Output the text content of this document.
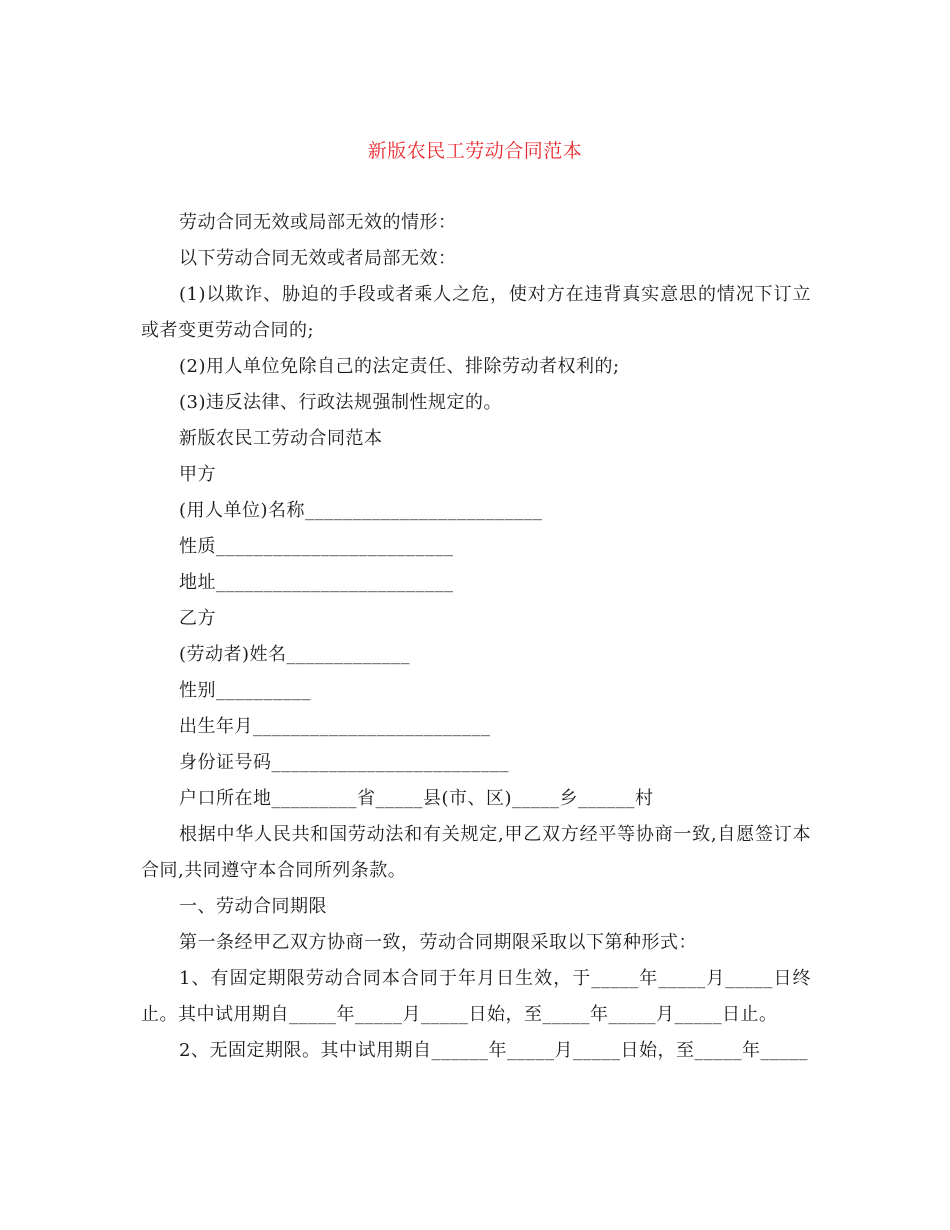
新版农民工劳动合同范本

劳动合同无效或局部无效的情形：

以下劳动合同无效或者局部无效：

(1)以欺诈、胁迫的手段或者乘人之危，使对方在违背真实意思的情况下订立或者变更劳动合同的;

(2)用人单位免除自己的法定责任、排除劳动者权利的;

(3)违反法律、行政法规强制性规定的。

新版农民工劳动合同范本

甲方

(用人单位)名称_________________________

性质_________________________

地址_________________________

乙方

(劳动者)姓名_____________

性别__________

出生年月_________________________

身份证号码_________________________

户口所在地_________省_____县(市、区)_____乡______村

根据中华人民共和国劳动法和有关规定,甲乙双方经平等协商一致,自愿签订本合同,共同遵守本合同所列条款。

一、劳动合同期限

第一条经甲乙双方协商一致，劳动合同期限采取以下第种形式：

1、有固定期限劳动合同本合同于年月日生效，于_____年_____月_____日终止。其中试用期自_____年_____月_____日始，至_____年_____月_____日止。

2、无固定期限。其中试用期自______年_____月_____日始，至_____年_____
